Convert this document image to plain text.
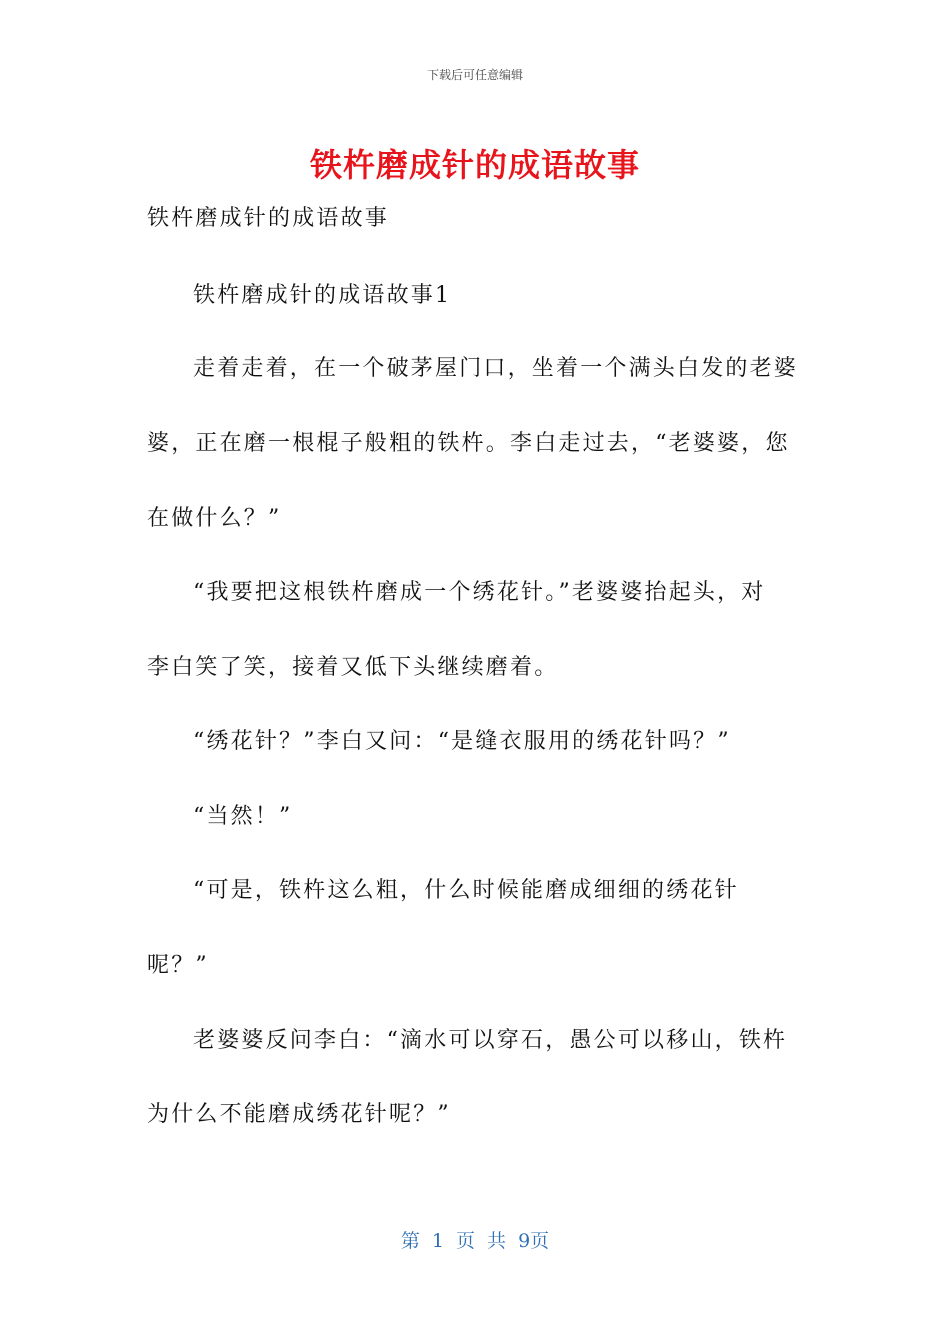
下载后可任意编辑
铁杵磨成针的成语故事
铁杵磨成针的成语故事
铁杵磨成针的成语故事1
走着走着，在一个破茅屋门口，坐着一个满头白发的老婆
婆，正在磨一根棍子般粗的铁杵。李白走过去，“老婆婆，您
在做什么？”
“我要把这根铁杵磨成一个绣花针。”老婆婆抬起头，对
李白笑了笑，接着又低下头继续磨着。
“绣花针？”李白又问：“是缝衣服用的绣花针吗？”
“当然！”
“可是，铁杵这么粗，什么时候能磨成细细的绣花针
呢？”
老婆婆反问李白：“滴水可以穿石，愚公可以移山，铁杵
为什么不能磨成绣花针呢？”
第 1 页 共 9页
